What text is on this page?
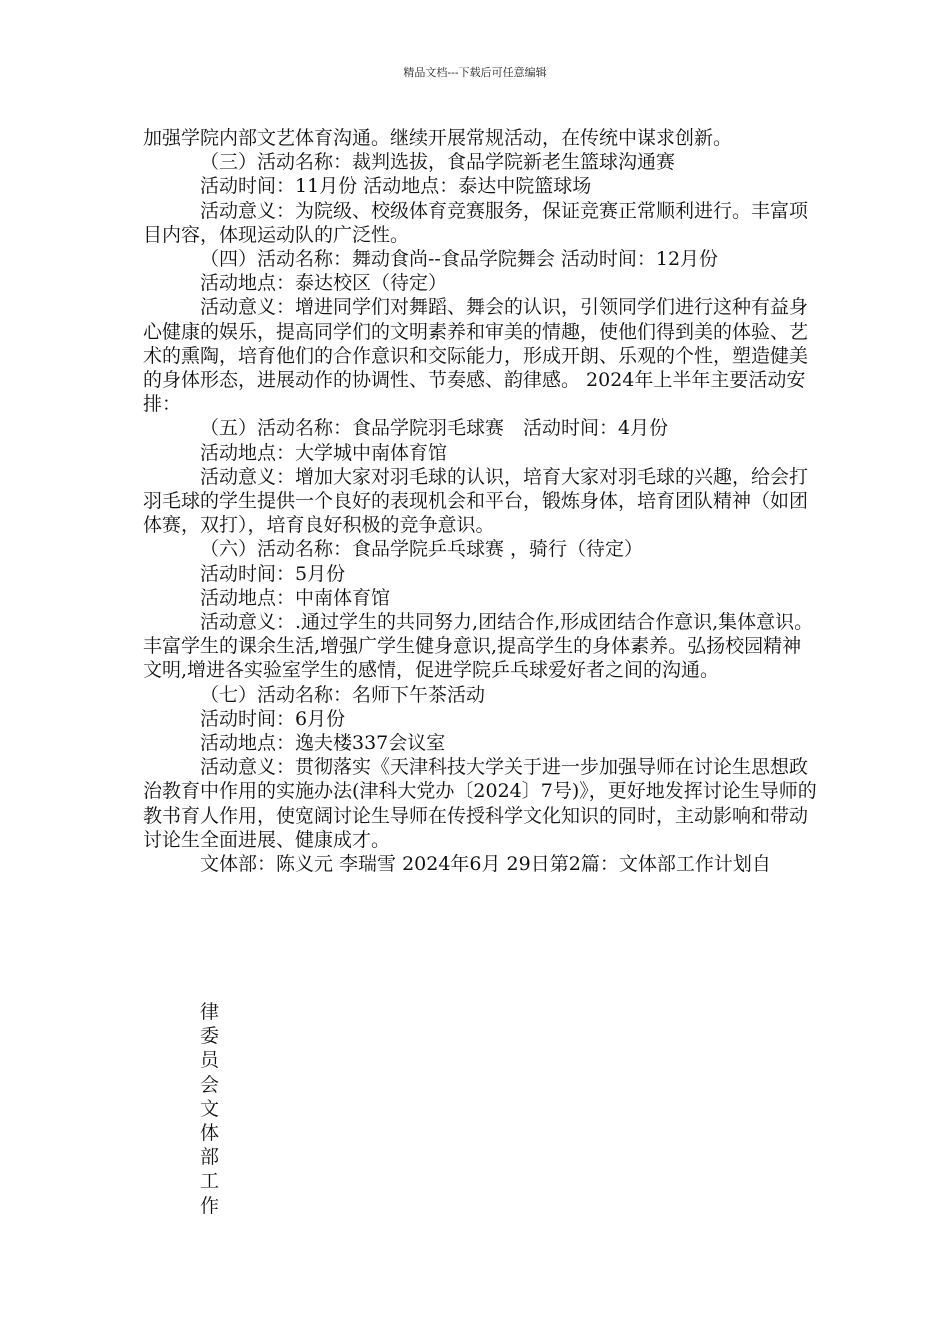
精品文档---下载后可任意编辑

加强学院内部文艺体育沟通。继续开展常规活动，在传统中谋求创新。

（三）活动名称：裁判选拔，食品学院新老生篮球沟通赛

活动时间：11月份 活动地点：泰达中院篮球场

活动意义：为院级、校级体育竞赛服务，保证竞赛正常顺利进行。丰富项目内容，体现运动队的广泛性。

（四）活动名称：舞动食尚--食品学院舞会 活动时间：12月份

活动地点：泰达校区（待定）

活动意义：增进同学们对舞蹈、舞会的认识，引领同学们进行这种有益身心健康的娱乐，提高同学们的文明素养和审美的情趣，使他们得到美的体验、艺术的熏陶，培育他们的合作意识和交际能力，形成开朗、乐观的个性，塑造健美的身体形态，进展动作的协调性、节奏感、韵律感。 2024年上半年主要活动安排：

（五）活动名称：食品学院羽毛球赛　活动时间：4月份

活动地点：大学城中南体育馆

活动意义：增加大家对羽毛球的认识，培育大家对羽毛球的兴趣，给会打羽毛球的学生提供一个良好的表现机会和平台，锻炼身体，培育团队精神（如团体赛，双打），培育良好积极的竞争意识。

（六）活动名称：食品学院乒乓球赛 ，骑行（待定）

活动时间：5月份

活动地点：中南体育馆

活动意义：.通过学生的共同努力,团结合作,形成团结合作意识,集体意识。丰富学生的课余生活,增强广学生健身意识,提高学生的身体素养。弘扬校园精神文明,增进各实验室学生的感情，促进学院乒乓球爱好者之间的沟通。

（七）活动名称：名师下午茶活动

活动时间：6月份

活动地点：逸夫楼337会议室

活动意义：贯彻落实《天津科技大学关于进一步加强导师在讨论生思想政治教育中作用的实施办法(津科大党办〔2024〕7号)》，更好地发挥讨论生导师的教书育人作用，使宽阔讨论生导师在传授科学文化知识的同时，主动影响和带动讨论生全面进展、健康成才。

文体部：陈义元 李瑞雪 2024年6月 29日第2篇：文体部工作计划自

律
委
员
会
文
体
部
工
作
